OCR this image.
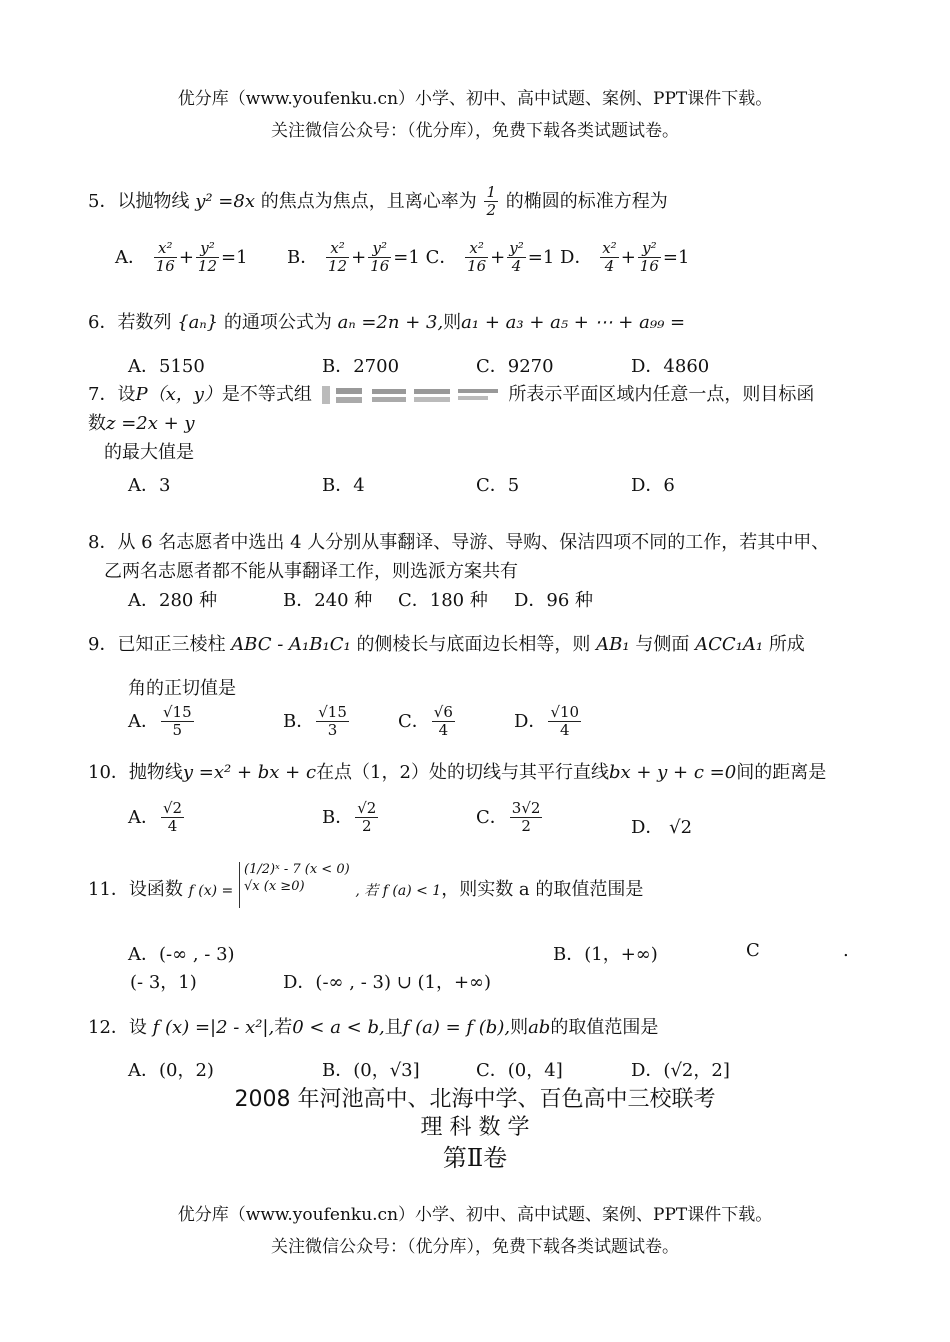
优分库（www.youfenku.cn）小学、初中、高中试题、案例、PPT课件下载。
关注微信公众号：（优分库），免费下载各类试题试卷。
5．以抛物线 y² =8x 的焦点为焦点，且离心率为 $\frac{1}{2}$ 的椭圆的标准方程为
A． $\frac{\text{x²}}{16} + \frac{\text{y²}}{12} =1$ B． $\frac{\text{x²}}{12} + \frac{\text{y²}}{16} =1$ C． $\frac{\text{x²}}{16} + \frac{\text{y²}}{4} =1$ D． $\frac{\text{x²}}{4} + \frac{\text{y²}}{16} =1$
6．若数列 {aₙ} 的通项公式为 aₙ =2n + 3,则a₁ + a₃ + a₅ + ⋯ + a₉₉ =
A．5150	B．2700	C．9270	D．4860
7．设P（x，y）是不等式组	所表示平面区域内任意一点，则目标函
数z =2x + y
的最大值是
A．3	B．4	C．5	D．6
8．从 6 名志愿者中选出 4 人分别从事翻译、导游、导购、保洁四项不同的工作，若其中甲、
乙两名志愿者都不能从事翻译工作，则选派方案共有
A．280 种	B．240 种 C．180 种 D．96 种
9．已知正三棱柱 ABC - A₁B₁C₁ 的侧棱长与底面边长相等，则 AB₁ 与侧面 ACC₁A₁ 所成
角的正切值是
A． $\frac{√15}{5}$	B． $\frac{√15}{3}$	C． $\frac{√6}{4}$	D． $\frac{√10}{4}$
10．抛物线y =x² + bx + c在点（1，2）处的切线与其平行直线bx + y + c =0间的距离是
A． $\frac{√2}{4}$	B． $\frac{√2}{2}$	C． $\frac{3√2}{2}$	D． √2
11．设函数 f (x) =
(1/2)ˣ - 7 (x < 0)
√x (x ≥0)	, 若 f (a) < 1，则实数 a 的取值范围是
A．(-∞ , - 3)	B．(1，+∞)	C	.
(- 3，1)	D．(-∞ , - 3) ∪ (1，+∞)
12．设 f (x) =|2 - x²|,若0 < a < b,且f (a) = f (b),则ab的取值范围是
A．(0，2)	B．(0，√3]	C．(0，4]	D．(√2，2]
2008 年河池高中、北海中学、百色高中三校联考
理 科 数 学
第Ⅱ卷
优分库（www.youfenku.cn）小学、初中、高中试题、案例、PPT课件下载。
关注微信公众号：（优分库），免费下载各类试题试卷。
